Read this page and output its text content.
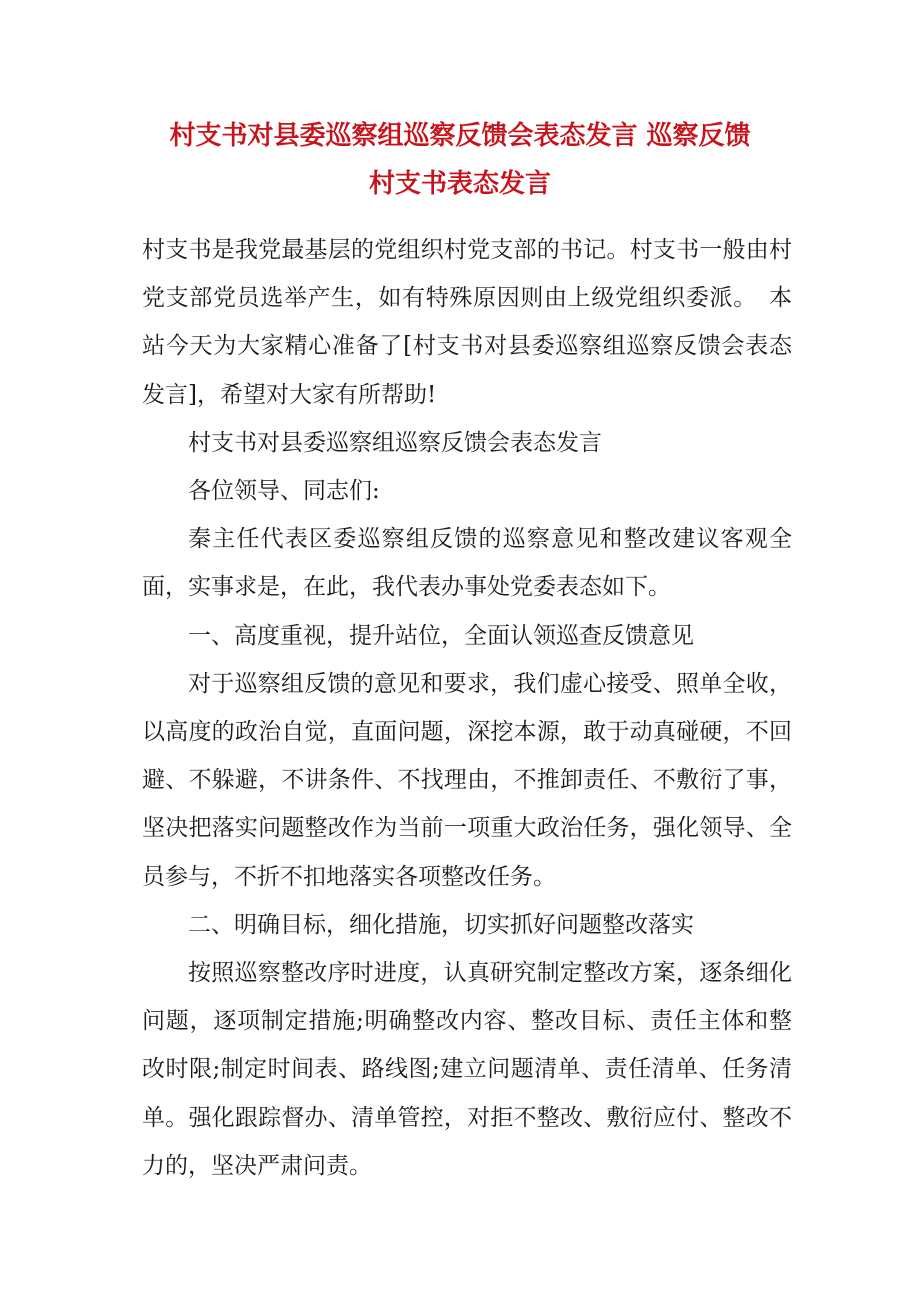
村支书对县委巡察组巡察反馈会表态发言 巡察反馈
村支书表态发言

村支书是我党最基层的党组织村党支部的书记。村支书一般由村党支部党员选举产生，如有特殊原因则由上级党组织委派。　本站今天为大家精心准备了[村支书对县委巡察组巡察反馈会表态发言]，希望对大家有所帮助!

村支书对县委巡察组巡察反馈会表态发言

各位领导、同志们:

秦主任代表区委巡察组反馈的巡察意见和整改建议客观全面，实事求是，在此，我代表办事处党委表态如下。

一、高度重视，提升站位，全面认领巡查反馈意见

对于巡察组反馈的意见和要求，我们虚心接受、照单全收，以高度的政治自觉，直面问题，深挖本源，敢于动真碰硬，不回避、不躲避，不讲条件、不找理由，不推卸责任、不敷衍了事，坚决把落实问题整改作为当前一项重大政治任务，强化领导、全员参与，不折不扣地落实各项整改任务。

二、明确目标，细化措施，切实抓好问题整改落实

按照巡察整改序时进度，认真研究制定整改方案，逐条细化问题，逐项制定措施;明确整改内容、整改目标、责任主体和整改时限;制定时间表、路线图;建立问题清单、责任清单、任务清单。强化跟踪督办、清单管控，对拒不整改、敷衍应付、整改不力的，坚决严肃问责。
